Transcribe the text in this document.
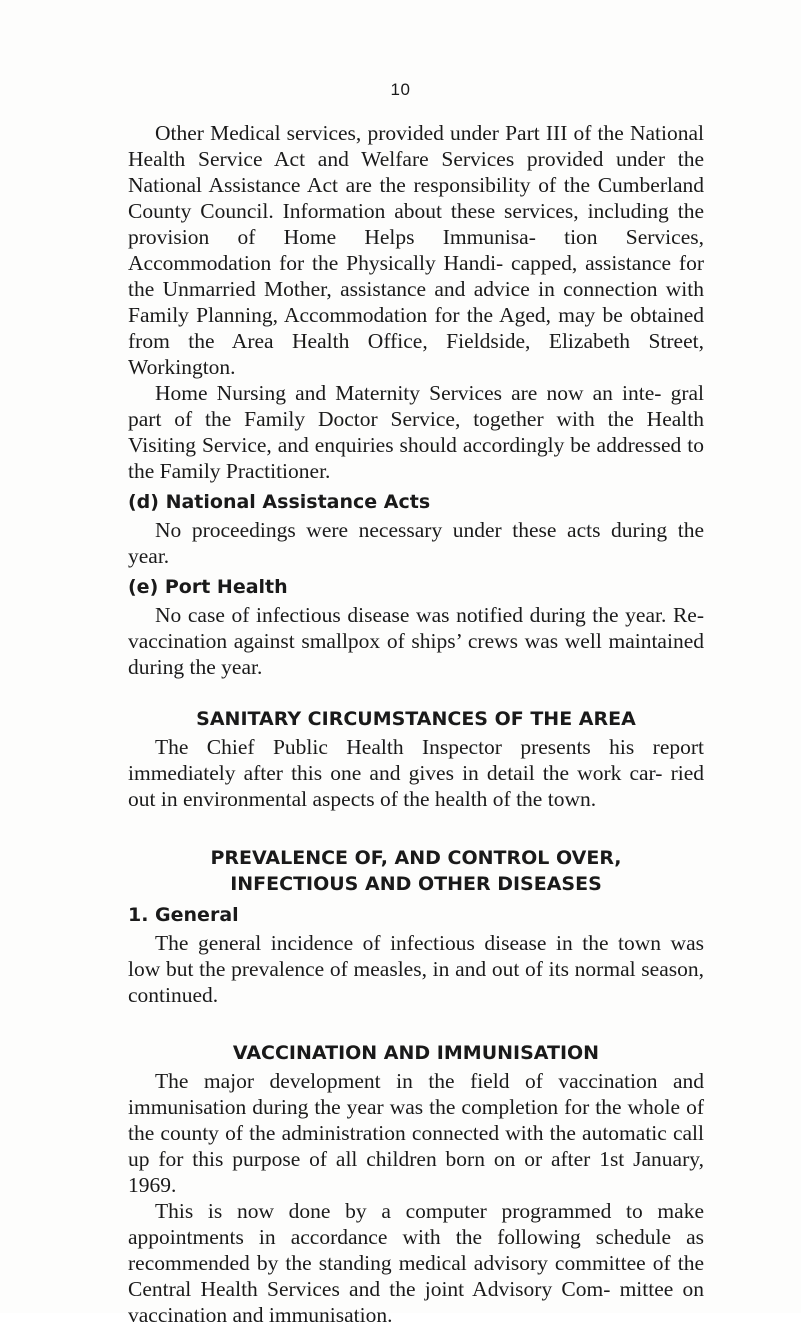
10

Other Medical services, provided under Part III of the National Health Service Act and Welfare Services provided under the National Assistance Act are the responsibility of the Cumberland County Council. Information about these services, including the provision of Home Helps Immunisa- tion Services, Accommodation for the Physically Handi- capped, assistance for the Unmarried Mother, assistance and advice in connection with Family Planning, Accommodation for the Aged, may be obtained from the Area Health Office, Fieldside, Elizabeth Street, Workington.

Home Nursing and Maternity Services are now an inte- gral part of the Family Doctor Service, together with the Health Visiting Service, and enquiries should accordingly be addressed to the Family Practitioner.

(d) National Assistance Acts

No proceedings were necessary under these acts during the year.

(e) Port Health

No case of infectious disease was notified during the year. Re-vaccination against smallpox of ships’ crews was well maintained during the year.

SANITARY CIRCUMSTANCES OF THE AREA

The Chief Public Health Inspector presents his report immediately after this one and gives in detail the work car- ried out in environmental aspects of the health of the town.

PREVALENCE OF, AND CONTROL OVER,
INFECTIOUS AND OTHER DISEASES
1. General

The general incidence of infectious disease in the town was low but the prevalence of measles, in and out of its normal season, continued.

VACCINATION AND IMMUNISATION

The major development in the field of vaccination and immunisation during the year was the completion for the whole of the county of the administration connected with the automatic call up for this purpose of all children born on or after 1st January, 1969.

This is now done by a computer programmed to make appointments in accordance with the following schedule as recommended by the standing medical advisory committee of the Central Health Services and the joint Advisory Com- mittee on vaccination and immunisation.
